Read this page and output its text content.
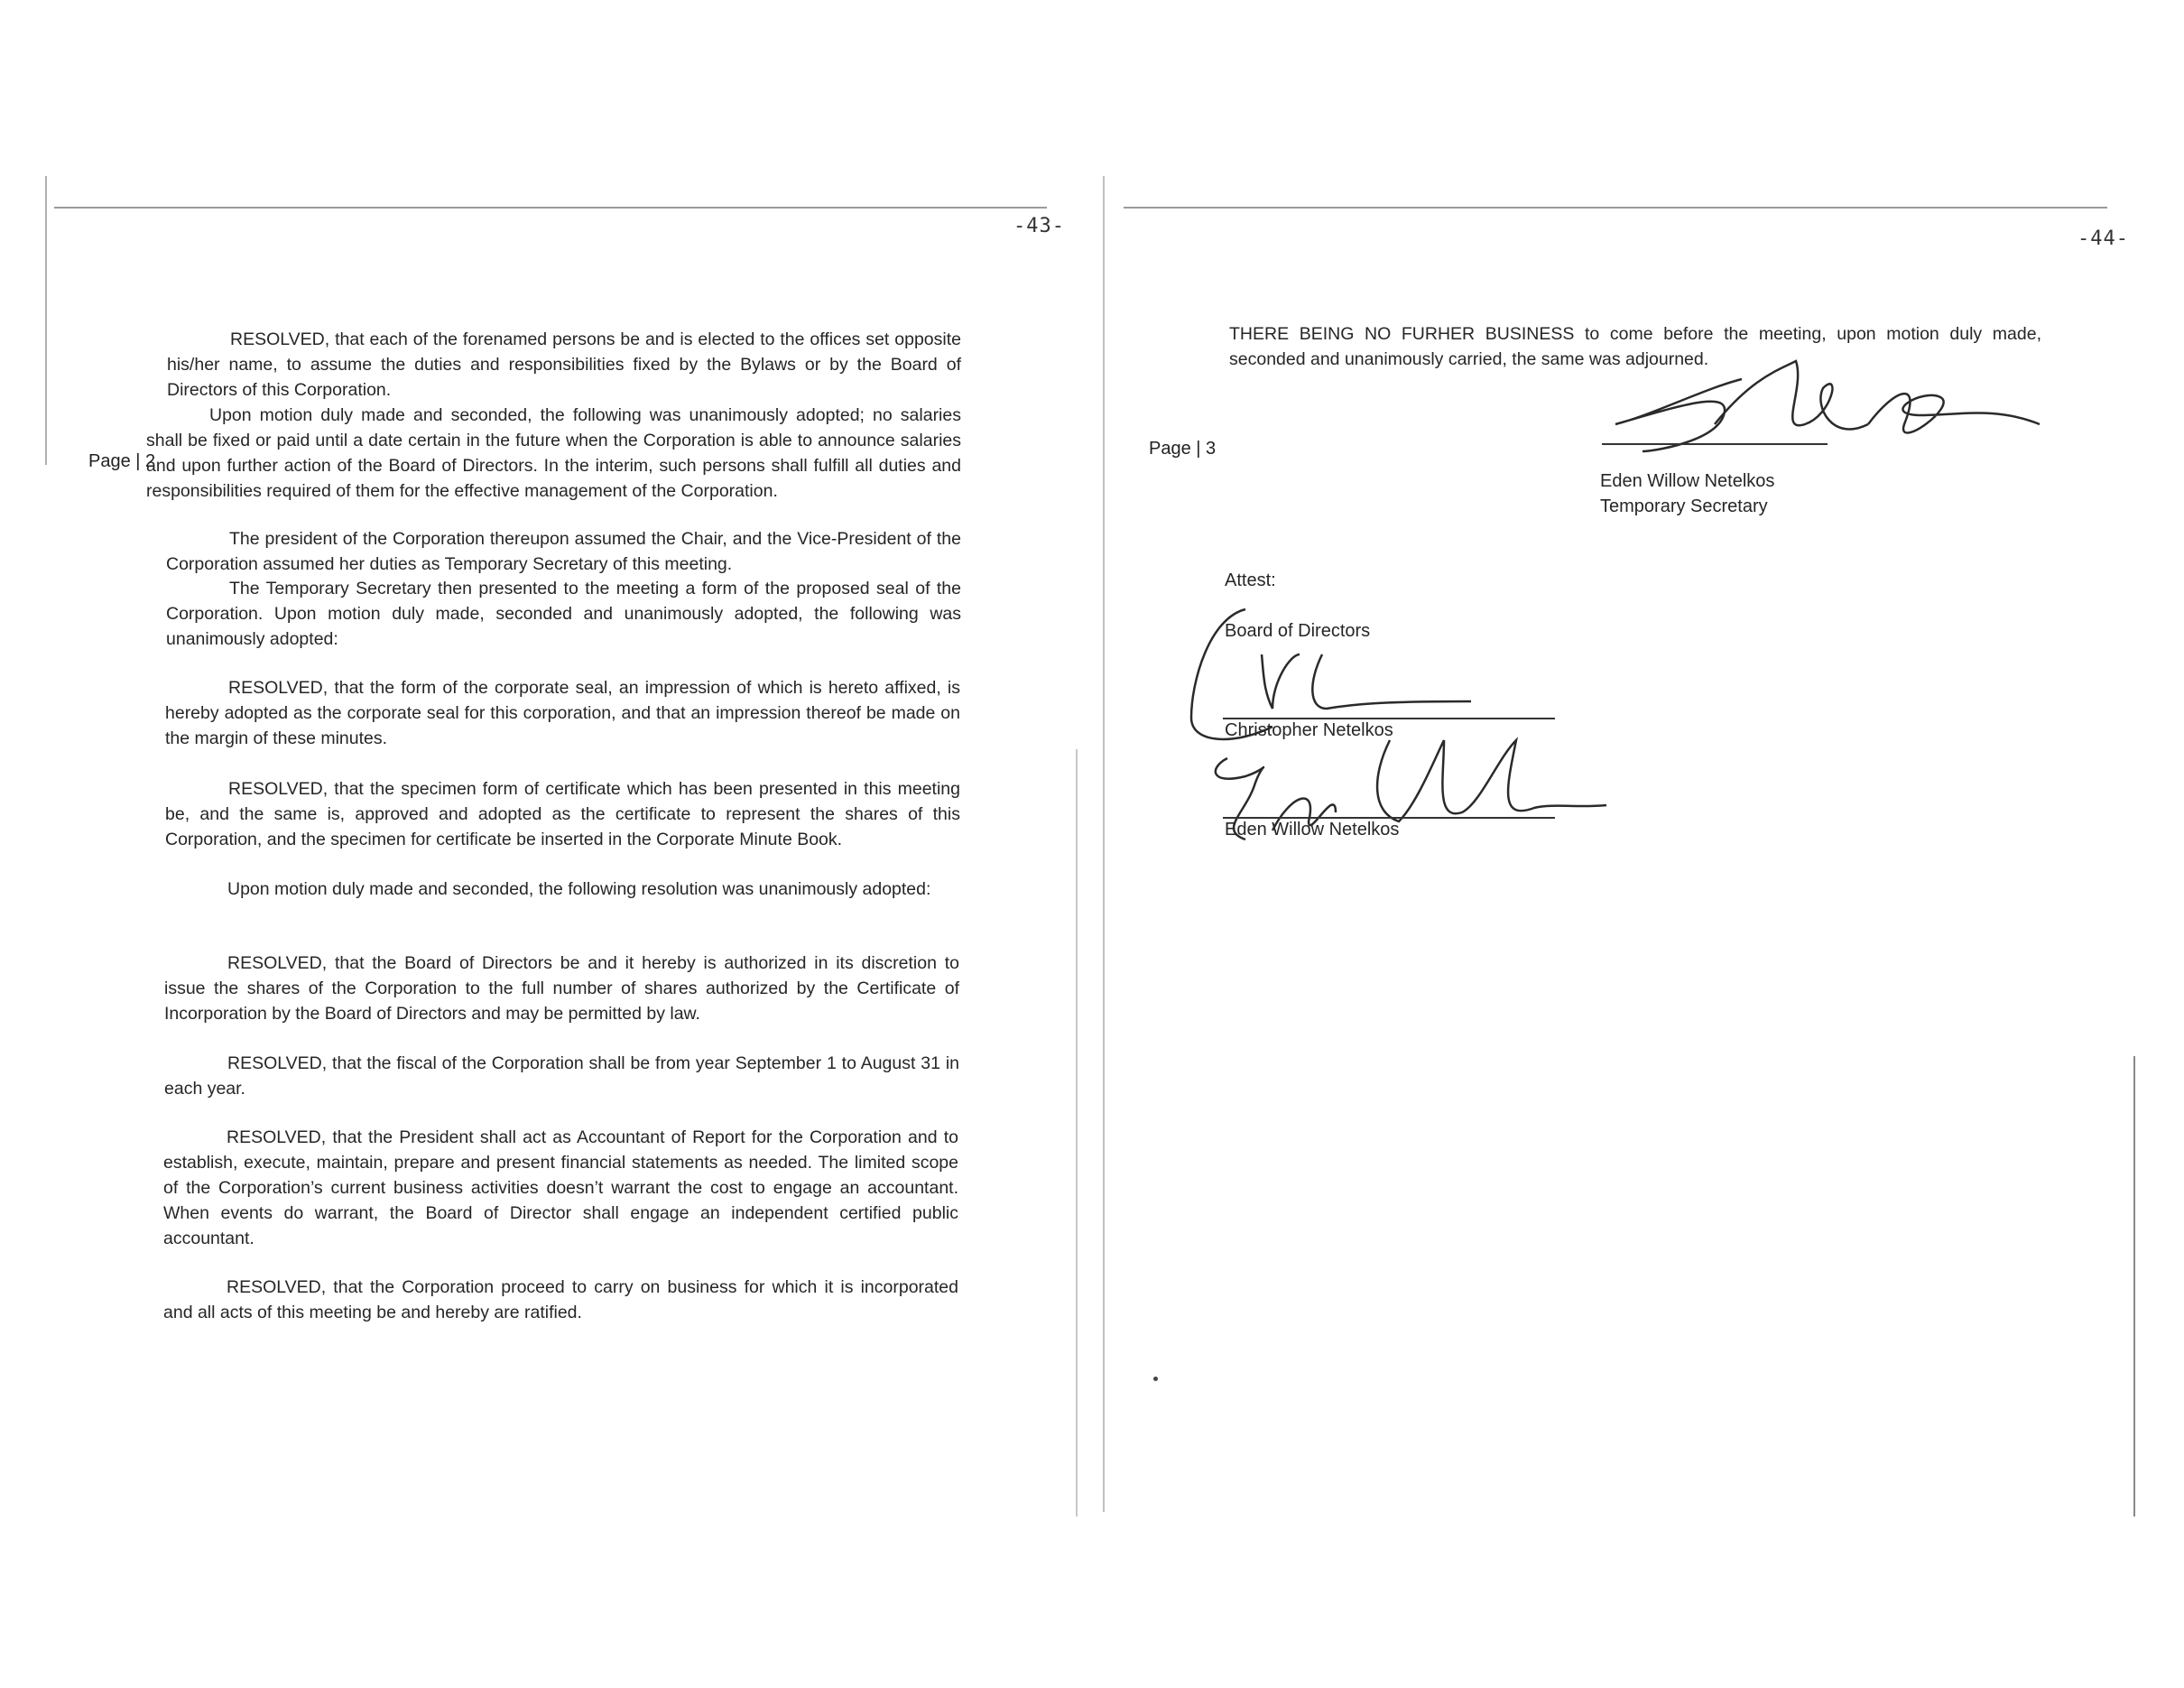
-43-
Page | 2

RESOLVED, that each of the forenamed persons be and is elected to the offices set opposite his/her name, to assume the duties and responsibilities fixed by the Bylaws or by the Board of Directors of this Corporation.

Upon motion duly made and seconded, the following was unanimously adopted; no salaries shall be fixed or paid until a date certain in the future when the Corporation is able to announce salaries and upon further action of the Board of Directors. In the interim, such persons shall fulfill all duties and responsibilities required of them for the effective management of the Corporation.

The president of the Corporation thereupon assumed the Chair, and the Vice-President of the Corporation assumed her duties as Temporary Secretary of this meeting.

The Temporary Secretary then presented to the meeting a form of the proposed seal of the Corporation. Upon motion duly made, seconded and unanimously adopted, the following was unanimously adopted:

RESOLVED, that the form of the corporate seal, an impression of which is hereto affixed, is hereby adopted as the corporate seal for this corporation, and that an impression thereof be made on the margin of these minutes.

RESOLVED, that the specimen form of certificate which has been presented in this meeting be, and the same is, approved and adopted as the certificate to represent the shares of this Corporation, and the specimen for certificate be inserted in the Corporate Minute Book.

Upon motion duly made and seconded, the following resolution was unanimously adopted:

RESOLVED, that the Board of Directors be and it hereby is authorized in its discretion to issue the shares of the Corporation to the full number of shares authorized by the Certificate of Incorporation by the Board of Directors and may be permitted by law.

RESOLVED, that the fiscal of the Corporation shall be from year September 1 to August 31 in each year.

RESOLVED, that the President shall act as Accountant of Report for the Corporation and to establish, execute, maintain, prepare and present financial statements as needed. The limited scope of the Corporation’s current business activities doesn’t warrant the cost to engage an accountant. When events do warrant, the Board of Director shall engage an independent certified public accountant.

RESOLVED, that the Corporation proceed to carry on business for which it is incorporated and all acts of this meeting be and hereby are ratified.

-44-
Page | 3

THERE BEING NO FURHER BUSINESS to come before the meeting, upon motion duly made, seconded and unanimously carried, the same was adjourned.

Eden Willow Netelkos
Temporary Secretary
Attest:
Board of Directors
Christopher Netelkos
Eden Willow Netelkos
